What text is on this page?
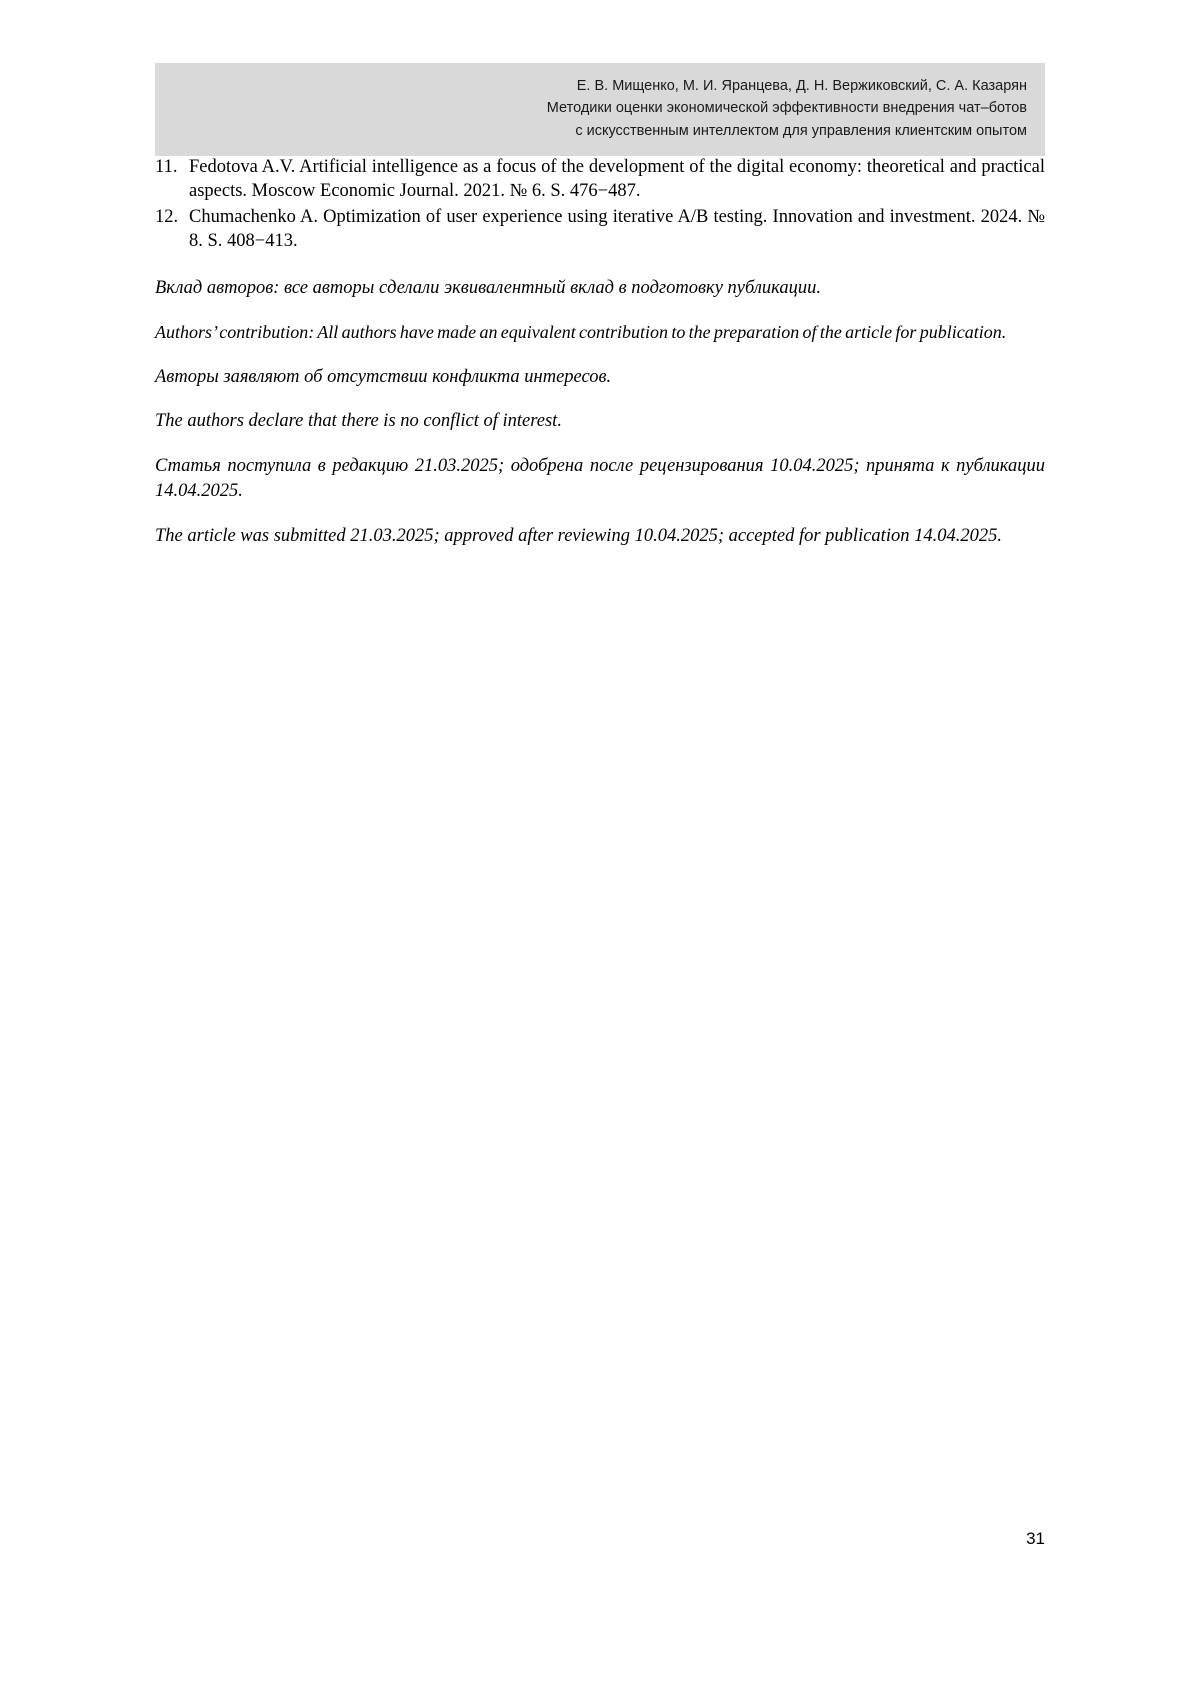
Е. В. Мищенко, М. И. Яранцева, Д. Н. Вержиковский, С. А. Казарян
Методики оценки экономической эффективности внедрения чат–ботов
с искусственным интеллектом для управления клиентским опытом
11. Fedotova A.V. Artificial intelligence as a focus of the development of the digital economy: theoretical and practical aspects. Moscow Economic Journal. 2021. № 6. S. 476−487.
12. Chumachenko A. Optimization of user experience using iterative A/B testing. Innovation and investment. 2024. № 8. S. 408−413.

Вклад авторов: все авторы сделали эквивалентный вклад в подготовку публикации.

Authors’ contribution: All authors have made an equivalent contribution to the preparation of the article for publication.

Авторы заявляют об отсутствии конфликта интересов.

The authors declare that there is no conflict of interest.

Статья поступила в редакцию 21.03.2025; одобрена после рецензирования 10.04.2025; принята к публикации 14.04.2025.

The article was submitted 21.03.2025; approved after reviewing 10.04.2025; accepted for publication 14.04.2025.

31
